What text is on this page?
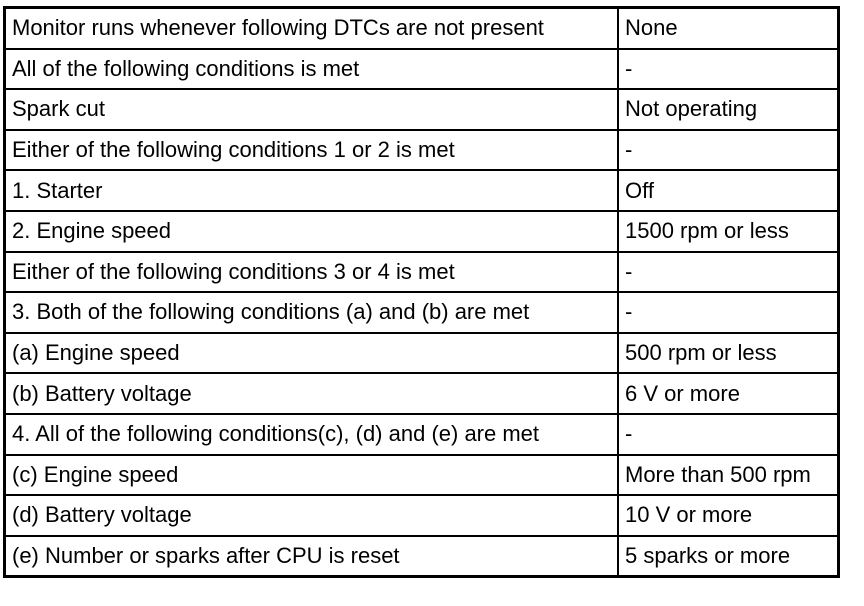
Monitor runs whenever following DTCs are not present	None
All of the following conditions is met	-
Spark cut	Not operating
Either of the following conditions 1 or 2 is met	-
1. Starter	Off
2. Engine speed	1500 rpm or less
Either of the following conditions 3 or 4 is met	-
3. Both of the following conditions (a) and (b) are met	-
(a) Engine speed	500 rpm or less
(b) Battery voltage	6 V or more
4. All of the following conditions(c), (d) and (e) are met	-
(c) Engine speed	More than 500 rpm
(d) Battery voltage	10 V or more
(e) Number or sparks after CPU is reset	5 sparks or more
